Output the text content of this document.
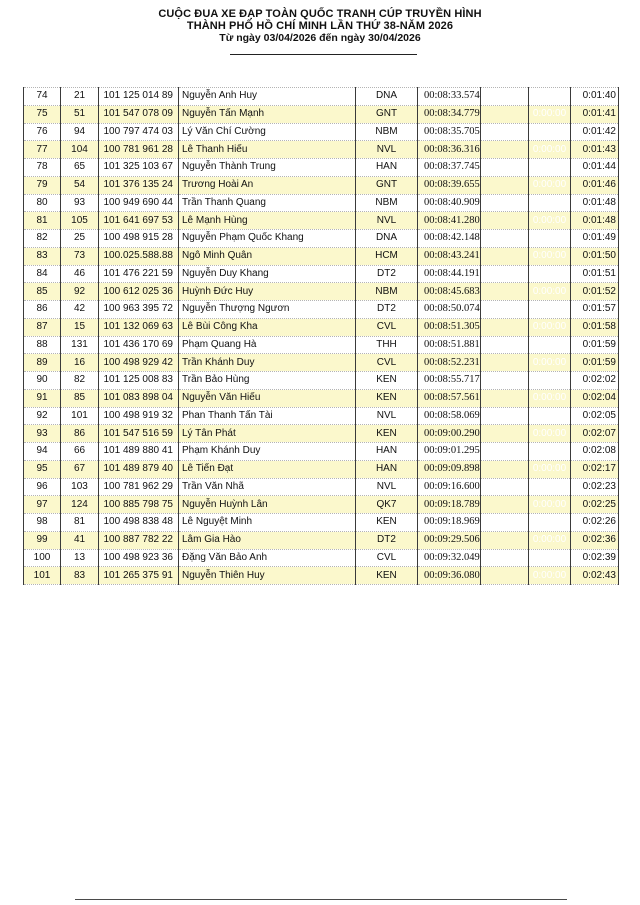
CUỘC ĐUA XE ĐẠP TOÀN QUỐC TRANH CÚP TRUYỀN HÌNH
THÀNH PHỐ HỒ CHÍ MINH LẦN THỨ 38-NĂM 2026
Từ ngày 03/04/2026 đến ngày 30/04/2026
74	21	101 125 014 89	Nguyễn Anh Huy	DNA	00:08:33.574		0:00:00	0:01:40
75	51	101 547 078 09	Nguyễn Tấn Mạnh	GNT	00:08:34.779		0:00:00	0:01:41
76	94	100 797 474 03	Lý Văn Chí Cường	NBM	00:08:35.705		0:00:00	0:01:42
77	104	100 781 961 28	Lê Thanh Hiếu	NVL	00:08:36.316		0:00:00	0:01:43
78	65	101 325 103 67	Nguyễn Thành Trung	HAN	00:08:37.745		0:00:00	0:01:44
79	54	101 376 135 24	Trương Hoài An	GNT	00:08:39.655		0:00:00	0:01:46
80	93	100 949 690 44	Trần Thanh Quang	NBM	00:08:40.909		0:00:00	0:01:48
81	105	101 641 697 53	Lê Mạnh Hùng	NVL	00:08:41.280		0:00:00	0:01:48
82	25	100 498 915 28	Nguyễn Phạm Quốc Khang	DNA	00:08:42.148		0:00:00	0:01:49
83	73	100.025.588.88	Ngô Minh Quân	HCM	00:08:43.241		0:00:00	0:01:50
84	46	101 476 221 59	Nguyễn Duy Khang	DT2	00:08:44.191		0:00:00	0:01:51
85	92	100 612 025 36	Huỳnh Đức Huy	NBM	00:08:45.683		0:00:00	0:01:52
86	42	100 963 395 72	Nguyễn Thượng Ngươn	DT2	00:08:50.074		0:00:00	0:01:57
87	15	101 132 069 63	Lê Bùi Công Kha	CVL	00:08:51.305		0:00:00	0:01:58
88	131	101 436 170 69	Phạm Quang Hà	THH	00:08:51.881		0:00:00	0:01:59
89	16	100 498 929 42	Trần Khánh Duy	CVL	00:08:52.231		0:00:00	0:01:59
90	82	101 125 008 83	Trần Bảo Hùng	KEN	00:08:55.717		0:00:00	0:02:02
91	85	101 083 898 04	Nguyễn Văn Hiếu	KEN	00:08:57.561		0:00:00	0:02:04
92	101	100 498 919 32	Phan Thanh Tấn Tài	NVL	00:08:58.069		0:00:00	0:02:05
93	86	101 547 516 59	Lý Tân Phát	KEN	00:09:00.290		0:00:00	0:02:07
94	66	101 489 880 41	Phạm Khánh Duy	HAN	00:09:01.295		0:00:00	0:02:08
95	67	101 489 879 40	Lê Tiến Đạt	HAN	00:09:09.898		0:00:00	0:02:17
96	103	100 781 962 29	Trần Văn Nhã	NVL	00:09:16.600		0:00:00	0:02:23
97	124	100 885 798 75	Nguyễn Huỳnh Lân	QK7	00:09:18.789		0:00:00	0:02:25
98	81	100 498 838 48	Lê Nguyệt Minh	KEN	00:09:18.969		0:00:00	0:02:26
99	41	100 887 782 22	Lâm Gia Hào	DT2	00:09:29.506		0:00:00	0:02:36
100	13	100 498 923 36	Đặng Văn Bảo Anh	CVL	00:09:32.049		0:00:00	0:02:39
101	83	101 265 375 91	Nguyễn Thiên Huy	KEN	00:09:36.080		0:00:00	0:02:43
